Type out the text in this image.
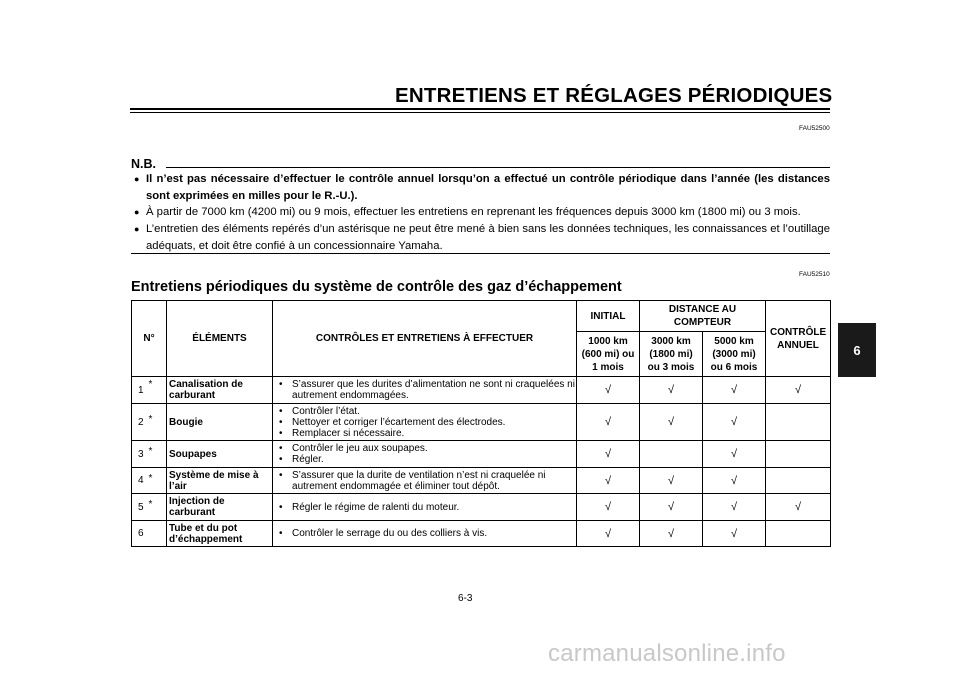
ENTRETIENS ET RÉGLAGES PÉRIODIQUES
FAU52500
N.B.
● Il n’est pas nécessaire d’effectuer le contrôle annuel lorsqu’on a effectué un contrôle périodique dans l’année (les distances sont exprimées en milles pour le R.-U.).
● À partir de 7000 km (4200 mi) ou 9 mois, effectuer les entretiens en reprenant les fréquences depuis 3000 km (1800 mi) ou 3 mois.
● L’entretien des éléments repérés d’un astérisque ne peut être mené à bien sans les données techniques, les connaissances et l’outillage adéquats, et doit être confié à un concessionnaire Yamaha.
FAU52510
Entretiens périodiques du système de contrôle des gaz d’échappement
N°		ÉLÉMENTS	CONTRÔLES ET ENTRETIENS À EFFECTUER	INITIAL	DISTANCE AU COMPTEUR		CONTRÔLE ANNUEL

				1000 km (600 mi) ou 1 mois	3000 km (1800 mi) ou 3 mois	5000 km (3000 mi) ou 6 mois	

1	*	Canalisation de carburant	• S’assurer que les durites d’alimentation ne sont ni craquelées ni autrement endommagées.	√	√	√	√
2	*	Bougie	• Contrôler l’état.
• Nettoyer et corriger l’écartement des électrodes.
• Remplacer si nécessaire.	√	√	√	
3	*	Soupapes	• Contrôler le jeu aux soupapes.
• Régler.	√		√	
4	*	Système de mise à l’air	• S’assurer que la durite de ventilation n’est ni craquelée ni autrement endommagée et éliminer tout dépôt.	√	√	√	
5	*	Injection de carburant	• Régler le régime de ralenti du moteur.	√	√	√	√
6		Tube et du pot d’échappement	• Contrôler le serrage du ou des colliers à vis.	√	√	√	
6
6-3
carmanualsonline.info
